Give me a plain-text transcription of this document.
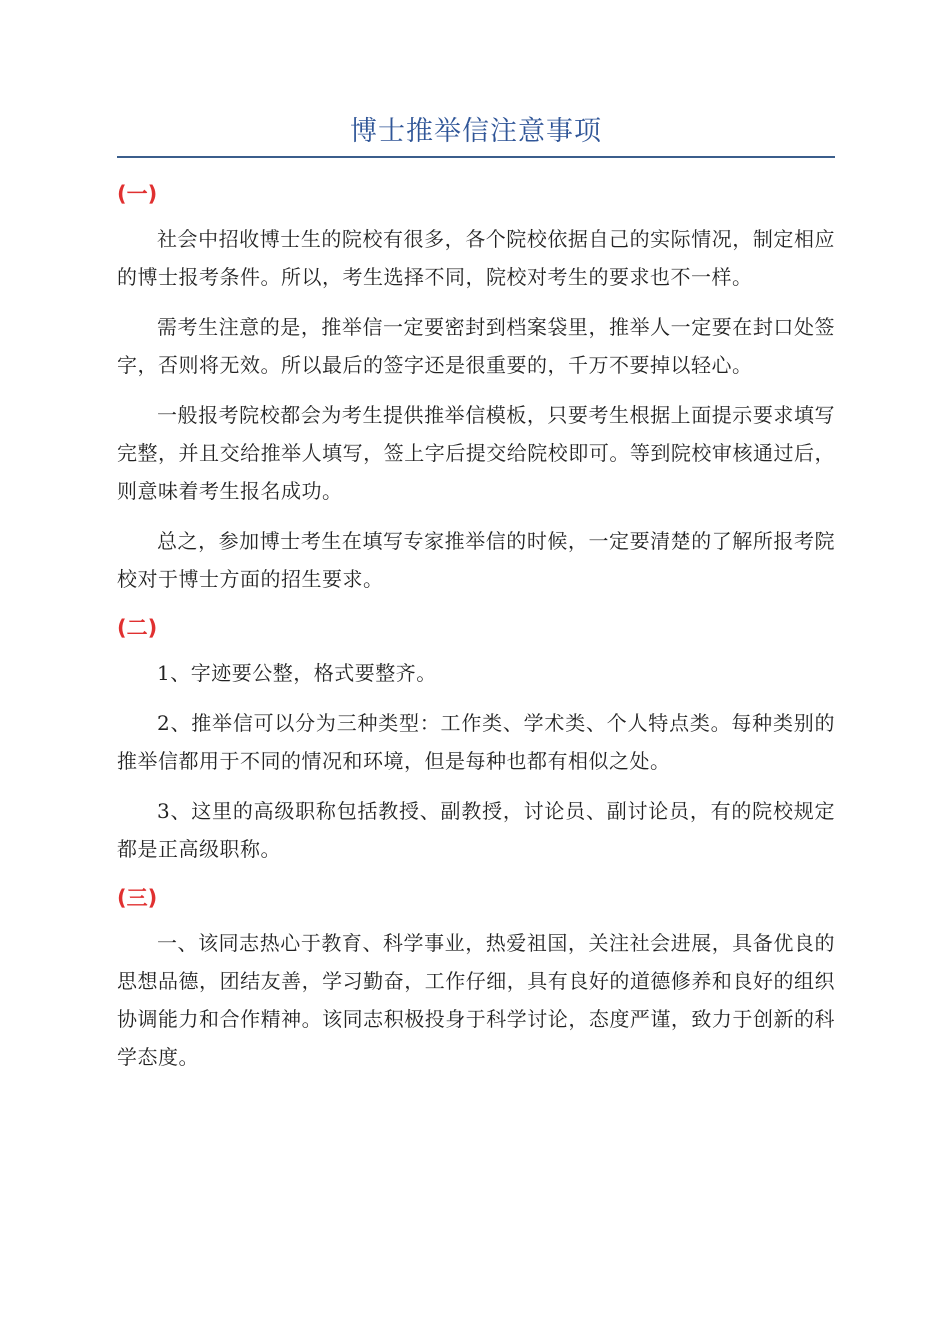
博士推举信注意事项
(一)

社会中招收博士生的院校有很多，各个院校依据自己的实际情况，制定相应的博士报考条件。所以，考生选择不同，院校对考生的要求也不一样。

需考生注意的是，推举信一定要密封到档案袋里，推举人一定要在封口处签字，否则将无效。所以最后的签字还是很重要的，千万不要掉以轻心。

一般报考院校都会为考生提供推举信模板，只要考生根据上面提示要求填写完整，并且交给推举人填写，签上字后提交给院校即可。等到院校审核通过后，则意味着考生报名成功。

总之，参加博士考生在填写专家推举信的时候，一定要清楚的了解所报考院校对于博士方面的招生要求。

(二)

1、字迹要公整，格式要整齐。

2、推举信可以分为三种类型：工作类、学术类、个人特点类。每种类别的推举信都用于不同的情况和环境，但是每种也都有相似之处。

3、这里的高级职称包括教授、副教授，讨论员、副讨论员，有的院校规定都是正高级职称。

(三)

一、该同志热心于教育、科学事业，热爱祖国，关注社会进展，具备优良的思想品德，团结友善，学习勤奋，工作仔细，具有良好的道德修养和良好的组织协调能力和合作精神。该同志积极投身于科学讨论，态度严谨，致力于创新的科学态度。
